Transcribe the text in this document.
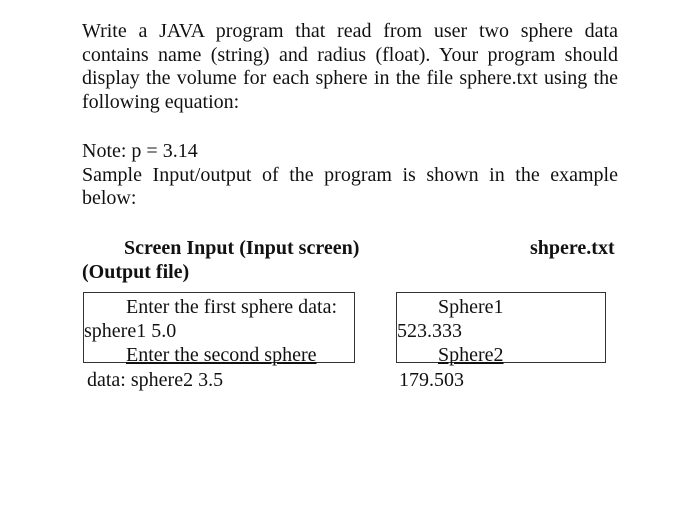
Write a JAVA program that read from user two sphere data contains name (string) and radius (float). Your program should display the volume for each sphere in the file sphere.txt using the following equation:

Note: p = 3.14
Sample Input/output of the program is shown in the example below:

Screen Input (Input screen)	shpere.txt
(Output file)
Enter the first sphere data:
sphere1 5.0
Enter the second sphere
data: sphere2 3.5
Sphere1
523.333
Sphere2
179.503
